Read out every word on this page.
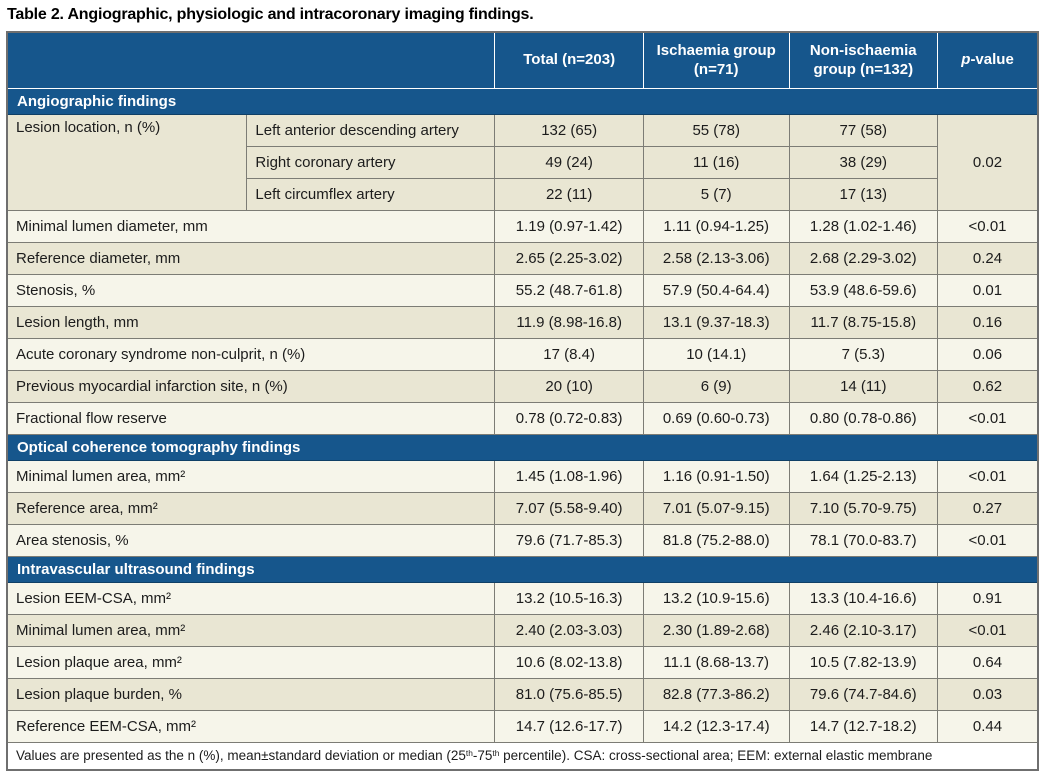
Table 2. Angiographic, physiologic and intracoronary imaging findings.
		Total (n=203)	Ischaemia group (n=71)	Non-ischaemia group (n=132)	p-value
Angiographic findings					
Lesion location, n (%)	Left anterior descending artery	132 (65)	55 (78)	77 (58)	0.02
	Right coronary artery	49 (24)	11 (16)	38 (29)	
	Left circumflex artery	22 (11)	5 (7)	17 (13)	
Minimal lumen diameter, mm		1.19 (0.97-1.42)	1.11 (0.94-1.25)	1.28 (1.02-1.46)	<0.01
Reference diameter, mm		2.65 (2.25-3.02)	2.58 (2.13-3.06)	2.68 (2.29-3.02)	0.24
Stenosis, %		55.2 (48.7-61.8)	57.9 (50.4-64.4)	53.9 (48.6-59.6)	0.01
Lesion length, mm		11.9 (8.98-16.8)	13.1 (9.37-18.3)	11.7 (8.75-15.8)	0.16
Acute coronary syndrome non-culprit, n (%)		17 (8.4)	10 (14.1)	7 (5.3)	0.06
Previous myocardial infarction site, n (%)		20 (10)	6 (9)	14 (11)	0.62
Fractional flow reserve		0.78 (0.72-0.83)	0.69 (0.60-0.73)	0.80 (0.78-0.86)	<0.01
Optical coherence tomography findings					
Minimal lumen area, mm²		1.45 (1.08-1.96)	1.16 (0.91-1.50)	1.64 (1.25-2.13)	<0.01
Reference area, mm²		7.07 (5.58-9.40)	7.01 (5.07-9.15)	7.10 (5.70-9.75)	0.27
Area stenosis, %		79.6 (71.7-85.3)	81.8 (75.2-88.0)	78.1 (70.0-83.7)	<0.01
Intravascular ultrasound findings					
Lesion EEM-CSA, mm²		13.2 (10.5-16.3)	13.2 (10.9-15.6)	13.3 (10.4-16.6)	0.91
Minimal lumen area, mm²		2.40 (2.03-3.03)	2.30 (1.89-2.68)	2.46 (2.10-3.17)	<0.01
Lesion plaque area, mm²		10.6 (8.02-13.8)	11.1 (8.68-13.7)	10.5 (7.82-13.9)	0.64
Lesion plaque burden, %		81.0 (75.6-85.5)	82.8 (77.3-86.2)	79.6 (74.7-84.6)	0.03
Reference EEM-CSA, mm²		14.7 (12.6-17.7)	14.2 (12.3-17.4)	14.7 (12.7-18.2)	0.44
Values are presented as the n (%), mean±standard deviation or median (25th-75th percentile). CSA: cross-sectional area; EEM: external elastic membrane					
